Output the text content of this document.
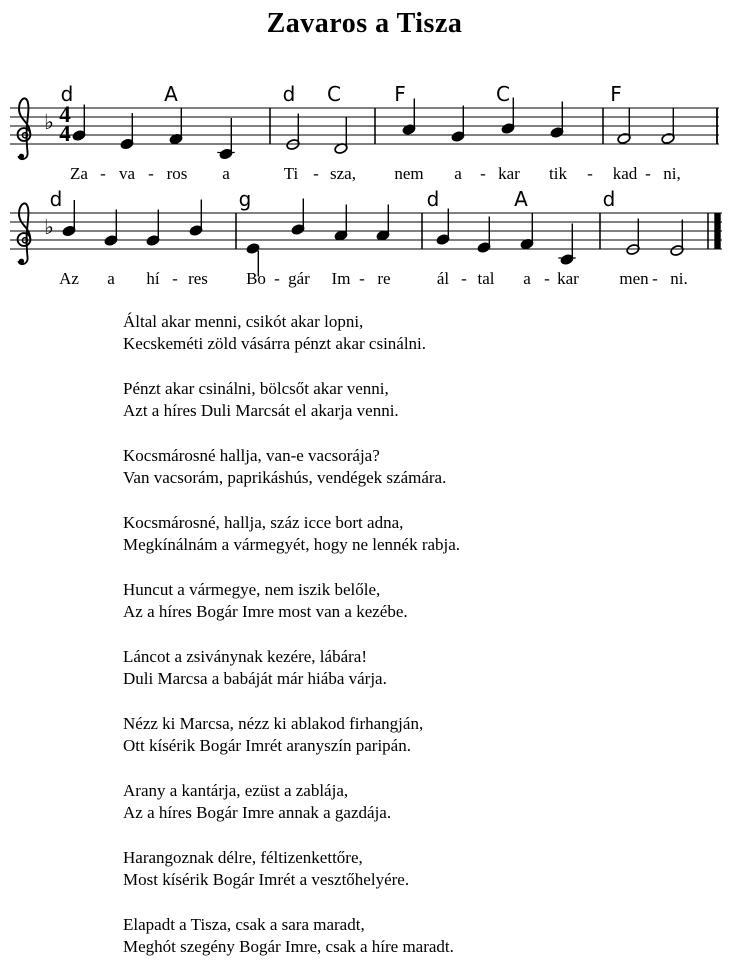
Zavaros a Tisza
4
4
♭
♭
d	A	d C	F	C	F
Za - va - ros a	Ti - sza, nem a - kar tik - kad - ni,
d	g	d	A	d
Az a hí - res Bo - gár Im - re	ál - tal a - kar men - ni.
Által akar menni, csikót akar lopni,
Kecskeméti zöld vásárra pénzt akar csinálni.
Pénzt akar csinálni, bölcsőt akar venni,
Azt a híres Duli Marcsát el akarja venni.
Kocsmárosné hallja, van-e vacsorája?
Van vacsorám, paprikáshús, vendégek számára.
Kocsmárosné, hallja, száz icce bort adna,
Megkínálnám a vármegyét, hogy ne lennék rabja.
Huncut a vármegye, nem iszik belőle,
Az a híres Bogár Imre most van a kezébe.
Láncot a zsiványnak kezére, lábára!
Duli Marcsa a babáját már hiába várja.
Nézz ki Marcsa, nézz ki ablakod firhangján,
Ott kísérik Bogár Imrét aranyszín paripán.
Arany a kantárja, ezüst a zablája,
Az a híres Bogár Imre annak a gazdája.
Harangoznak délre, féltizenkettőre,
Most kísérik Bogár Imrét a vesztőhelyére.
Elapadt a Tisza, csak a sara maradt,
Meghót szegény Bogár Imre, csak a híre maradt.
